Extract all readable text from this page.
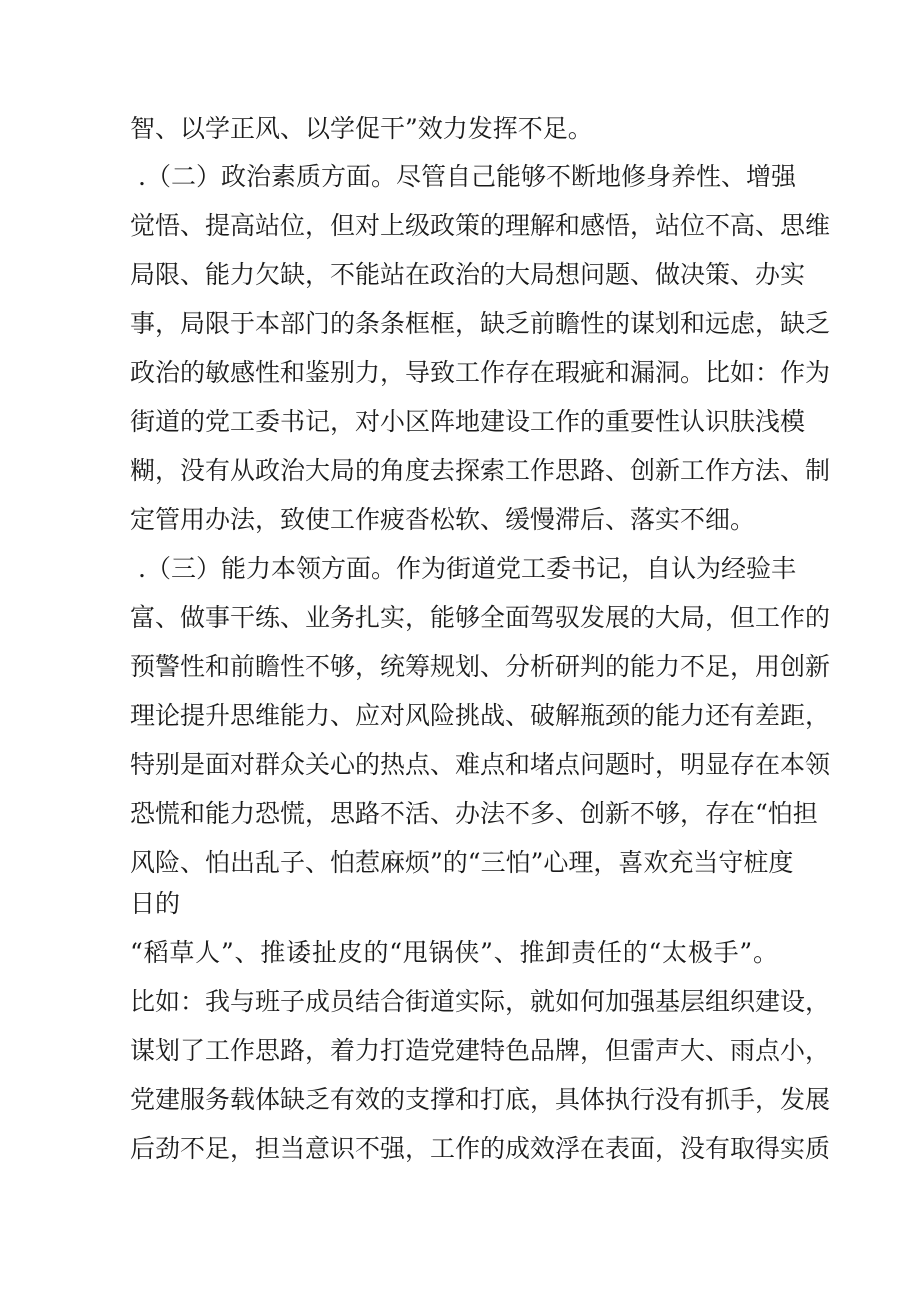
智、以学正风、以学促干”效力发挥不足。
.（二）政治素质方面。尽管自己能够不断地修身养性、增强
觉悟、提高站位，但对上级政策的理解和感悟，站位不高、思维
局限、能力欠缺，不能站在政治的大局想问题、做决策、办实
事，局限于本部门的条条框框，缺乏前瞻性的谋划和远虑，缺乏
政治的敏感性和鉴别力，导致工作存在瑕疵和漏洞。比如：作为
街道的党工委书记，对小区阵地建设工作的重要性认识肤浅模
糊，没有从政治大局的角度去探索工作思路、创新工作方法、制
定管用办法，致使工作疲沓松软、缓慢滞后、落实不细。
.（三）能力本领方面。作为街道党工委书记，自认为经验丰
富、做事干练、业务扎实，能够全面驾驭发展的大局，但工作的
预警性和前瞻性不够，统筹规划、分析研判的能力不足，用创新
理论提升思维能力、应对风险挑战、破解瓶颈的能力还有差距，
特别是面对群众关心的热点、难点和堵点问题时，明显存在本领
恐慌和能力恐慌，思路不活、办法不多、创新不够，存在“怕担
风险、怕出乱子、怕惹麻烦”的“三怕”心理，喜欢充当守桩度
日的
“稻草人”、推诿扯皮的“甩锅侠”、推卸责任的“太极手”。
比如：我与班子成员结合街道实际，就如何加强基层组织建设，
谋划了工作思路，着力打造党建特色品牌，但雷声大、雨点小，
党建服务载体缺乏有效的支撑和打底，具体执行没有抓手，发展
后劲不足，担当意识不强，工作的成效浮在表面，没有取得实质
